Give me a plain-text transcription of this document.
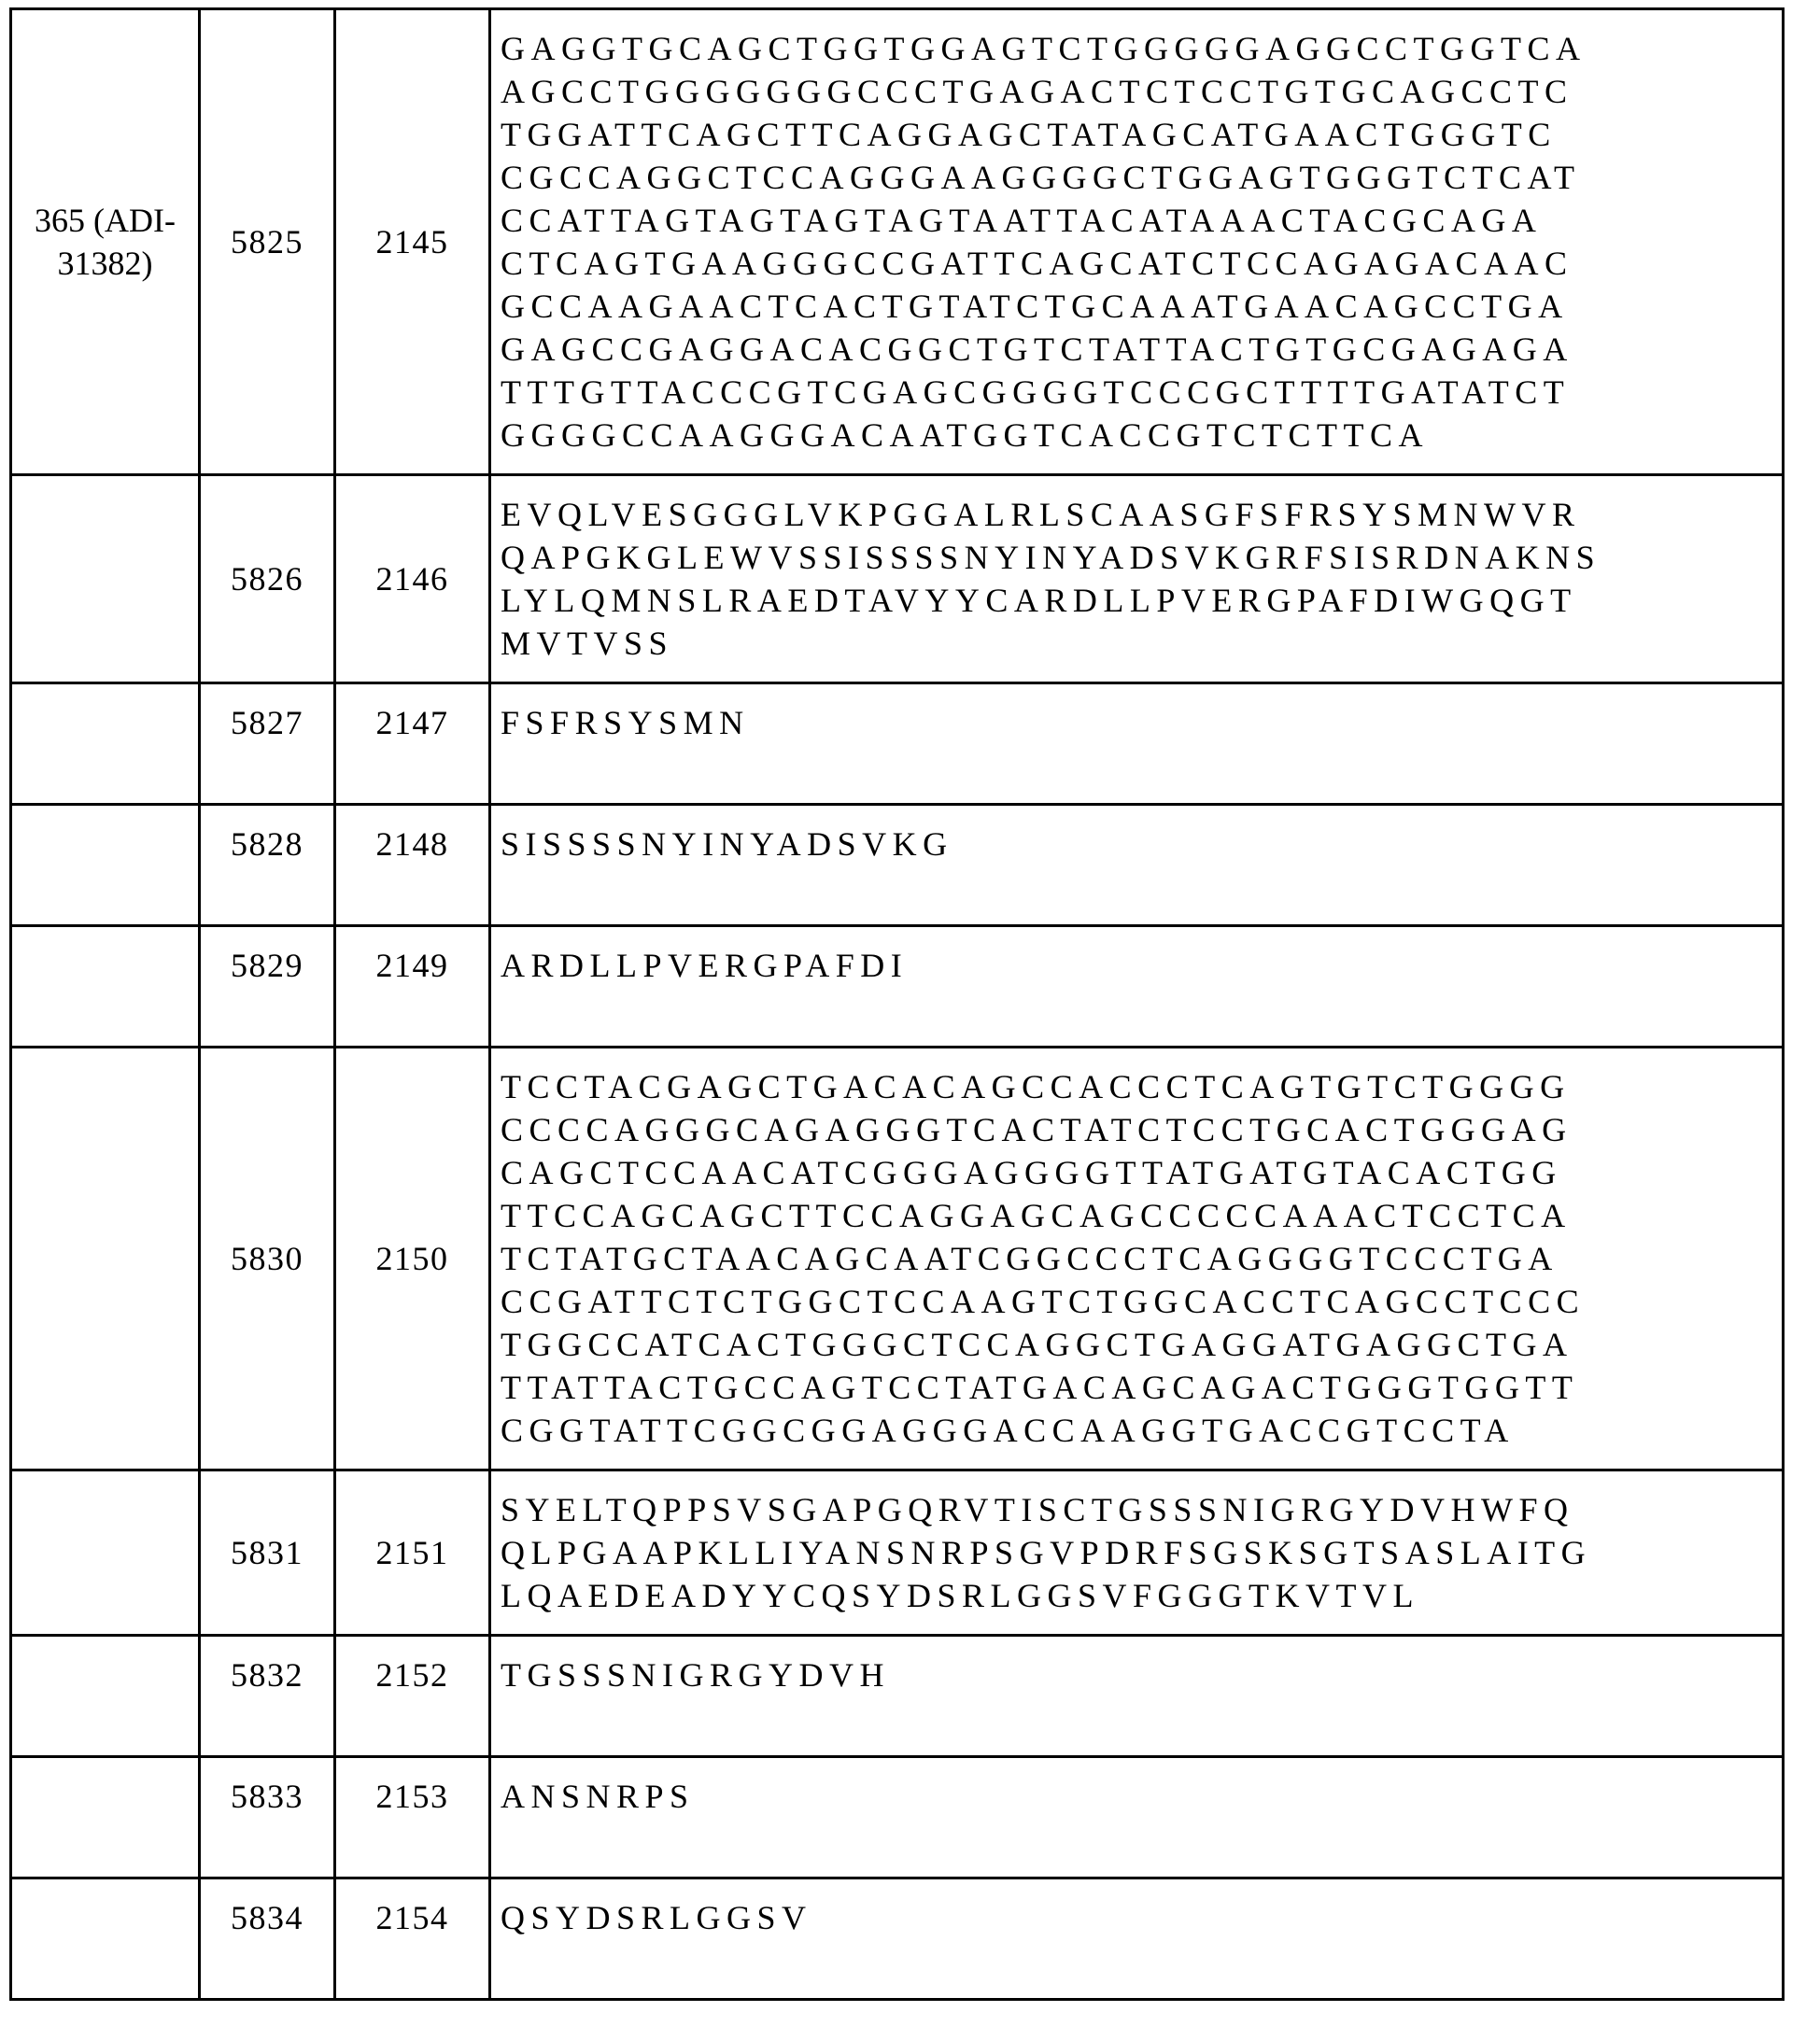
365 (ADI-
31382)	5825	2145	GAGGTGCAGCTGGTGGAGTCTGGGGGAGGCCTGGTCA
AGCCTGGGGGGGCCCTGAGACTCTCCTGTGCAGCCTC
TGGATTCAGCTTCAGGAGCTATAGCATGAACTGGGTC
CGCCAGGCTCCAGGGAAGGGGCTGGAGTGGGTCTCAT
CCATTAGTAGTAGTAGTAATTACATAAACTACGCAGA
CTCAGTGAAGGGCCGATTCAGCATCTCCAGAGACAAC
GCCAAGAACTCACTGTATCTGCAAATGAACAGCCTGA
GAGCCGAGGACACGGCTGTCTATTACTGTGCGAGAGA
TTTGTTACCCGTCGAGCGGGGTCCCGCTTTTGATATCT
GGGGCCAAGGGACAATGGTCACCGTCTCTTCA
	5826	2146	EVQLVESGGGLVKPGGALRLSCAASGFSFRSYSMNWVR
QAPGKGLEWVSSISSSSNYINYADSVKGRFSISRDNAKNS
LYLQMNSLRAEDTAVYYCARDLLPVERGPAFDIWGQGT
MVTVSS
	5827	2147	FSFRSYSMN
	5828	2148	SISSSSNYINYADSVKG
	5829	2149	ARDLLPVERGPAFDI
	5830	2150	TCCTACGAGCTGACACAGCCACCCTCAGTGTCTGGGG
CCCCAGGGCAGAGGGTCACTATCTCCTGCACTGGGAG
CAGCTCCAACATCGGGAGGGGTTATGATGTACACTGG
TTCCAGCAGCTTCCAGGAGCAGCCCCCAAACTCCTCA
TCTATGCTAACAGCAATCGGCCCTCAGGGGTCCCTGA
CCGATTCTCTGGCTCCAAGTCTGGCACCTCAGCCTCCC
TGGCCATCACTGGGCTCCAGGCTGAGGATGAGGCTGA
TTATTACTGCCAGTCCTATGACAGCAGACTGGGTGGTT
CGGTATTCGGCGGAGGGACCAAGGTGACCGTCCTA
	5831	2151	SYELTQPPSVSGAPGQRVTISCTGSSSNIGRGYDVHWFQ
QLPGAAPKLLIYANSNRPSGVPDRFSGSKSGTSASLAITG
LQAEDEADYYCQSYDSRLGGSVFGGGTKVTVL
	5832	2152	TGSSSNIGRGYDVH
	5833	2153	ANSNRPS
	5834	2154	QSYDSRLGGSV
